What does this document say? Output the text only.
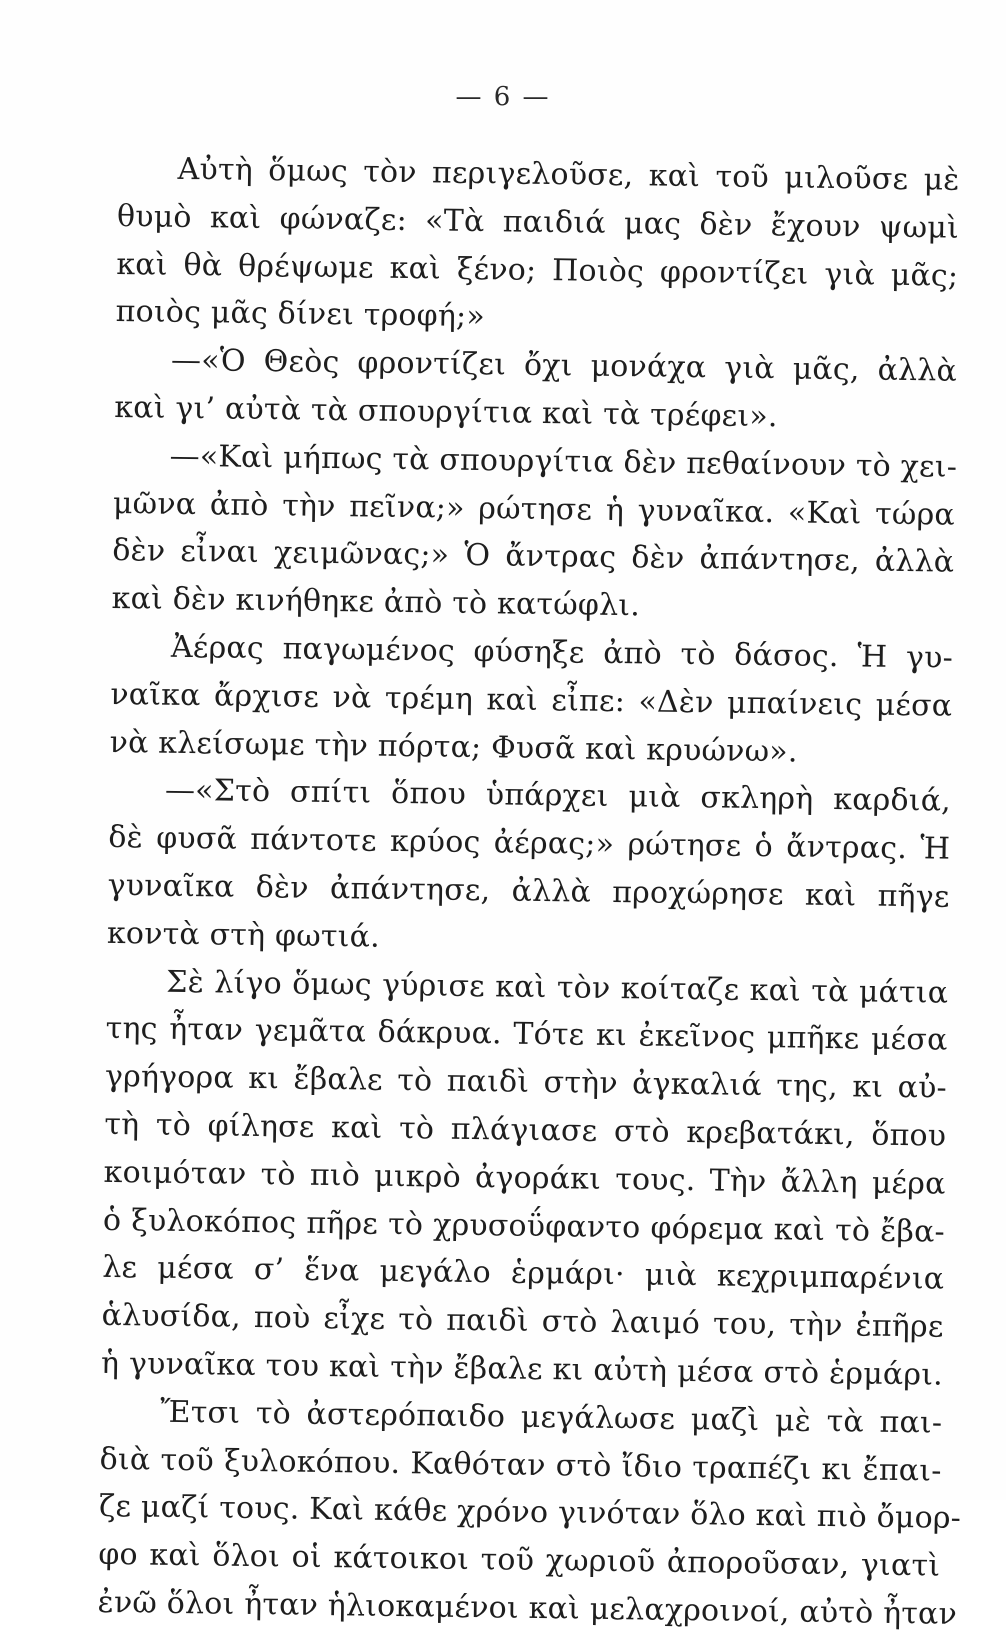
— 6 —
Αὐτὴ ὅμως τὸν περιγελοῦσε, καὶ τοῦ μιλοῦσε μὲ
θυμὸ καὶ φώναζε: «Τὰ παιδιά μας δὲν ἔχουν ψωμὶ
καὶ θὰ θρέψωμε καὶ ξένο; Ποιὸς φροντίζει γιὰ μᾶς;
ποιὸς μᾶς δίνει τροφή;»
—«Ὁ Θεὸς φροντίζει ὄχι μονάχα γιὰ μᾶς, ἀλλὰ
καὶ γι’ αὐτὰ τὰ σπουργίτια καὶ τὰ τρέφει».
—«Καὶ μήπως τὰ σπουργίτια δὲν πεθαίνουν τὸ χει-
μῶνα ἀπὸ τὴν πεῖνα;» ρώτησε ἡ γυναῖκα. «Καὶ τώρα
δὲν εἶναι χειμῶνας;» Ὁ ἄντρας δὲν ἀπάντησε, ἀλλὰ
καὶ δὲν κινήθηκε ἀπὸ τὸ κατώφλι.
Ἀέρας παγωμένος φύσηξε ἀπὸ τὸ δάσος. Ἡ γυ-
ναῖκα ἄρχισε νὰ τρέμη καὶ εἶπε: «Δὲν μπαίνεις μέσα
νὰ κλείσωμε τὴν πόρτα; Φυσᾶ καὶ κρυώνω».
—«Στὸ σπίτι ὅπου ὑπάρχει μιὰ σκληρὴ καρδιά,
δὲ φυσᾶ πάντοτε κρύος ἀέρας;» ρώτησε ὁ ἄντρας. Ἡ
γυναῖκα δὲν ἀπάντησε, ἀλλὰ προχώρησε καὶ πῆγε
κοντὰ στὴ φωτιά.
Σὲ λίγο ὅμως γύρισε καὶ τὸν κοίταζε καὶ τὰ μάτια
της ἦταν γεμᾶτα δάκρυα. Τότε κι ἐκεῖνος μπῆκε μέσα
γρήγορα κι ἔβαλε τὸ παιδὶ στὴν ἀγκαλιά της, κι αὐ-
τὴ τὸ φίλησε καὶ τὸ πλάγιασε στὸ κρεβατάκι, ὅπου
κοιμόταν τὸ πιὸ μικρὸ ἀγοράκι τους. Τὴν ἄλλη μέρα
ὁ ξυλοκόπος πῆρε τὸ χρυσοΰφαντο φόρεμα καὶ τὸ ἔβα-
λε μέσα σ’ ἕνα μεγάλο ἑρμάρι· μιὰ κεχριμπαρένια
ἁλυσίδα, ποὺ εἶχε τὸ παιδὶ στὸ λαιμό του, τὴν ἐπῆρε
ἡ γυναῖκα του καὶ τὴν ἔβαλε κι αὐτὴ μέσα στὸ ἑρμάρι.
Ἔτσι τὸ ἀστερόπαιδο μεγάλωσε μαζὶ μὲ τὰ παι-
διὰ τοῦ ξυλοκόπου. Καθόταν στὸ ἴδιο τραπέζι κι ἔπαι-
ζε μαζί τους. Καὶ κάθε χρόνο γινόταν ὅλο καὶ πιὸ ὄμορ-
φο καὶ ὅλοι οἱ κάτοικοι τοῦ χωριοῦ ἀποροῦσαν, γιατὶ
ἐνῶ ὅλοι ἦταν ἡλιοκαμένοι καὶ μελαχροινοί, αὐτὸ ἦταν
